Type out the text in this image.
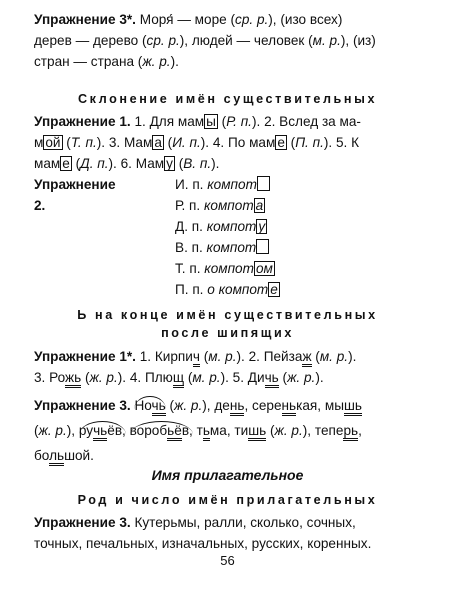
Упражнение 3*. Моря́ — море (ср. р.), (изо всех)
дерев — дерево (ср. р.), людей — человек (м. р.), (из)
стран — страна (ж. р.).

Склонение имён существительных

Упражнение 1. 1. Для мам ы (Р. п.). 2. Вслед за ма-
м ой (Т. п.). 3. Мам а (И. п.). 4. По мам е (П. п.). 5. К
мам е (Д. п.). 6. Мам у (В. п.).

Упражнение 2.
И. п. компот
Р. п. компот а
Д. п. компот у
В. п. компот
Т. п. компот ом
П. п. о компот е

Ь на конце имён существительных

после шипящих

Упражнение 1*. 1. Кирпич (м. р.). 2. Пейзаж (м. р.).
3. Рожь (ж. р.). 4. Плющ (м. р.). 5. Дичь (ж. р.).

Упражнение 3. Ночь (ж. р.), день, серенькая, мышь
(ж. р.), ручьёв, воробьёв, тьма, тишь (ж. р.), теперь,
большой.

Имя прилагательное

Род и число имён прилагательных

Упражнение 3. Кутерьмы, ралли, сколько, сочных,
точных, печальных, изначальных, русских, коренных.

56
